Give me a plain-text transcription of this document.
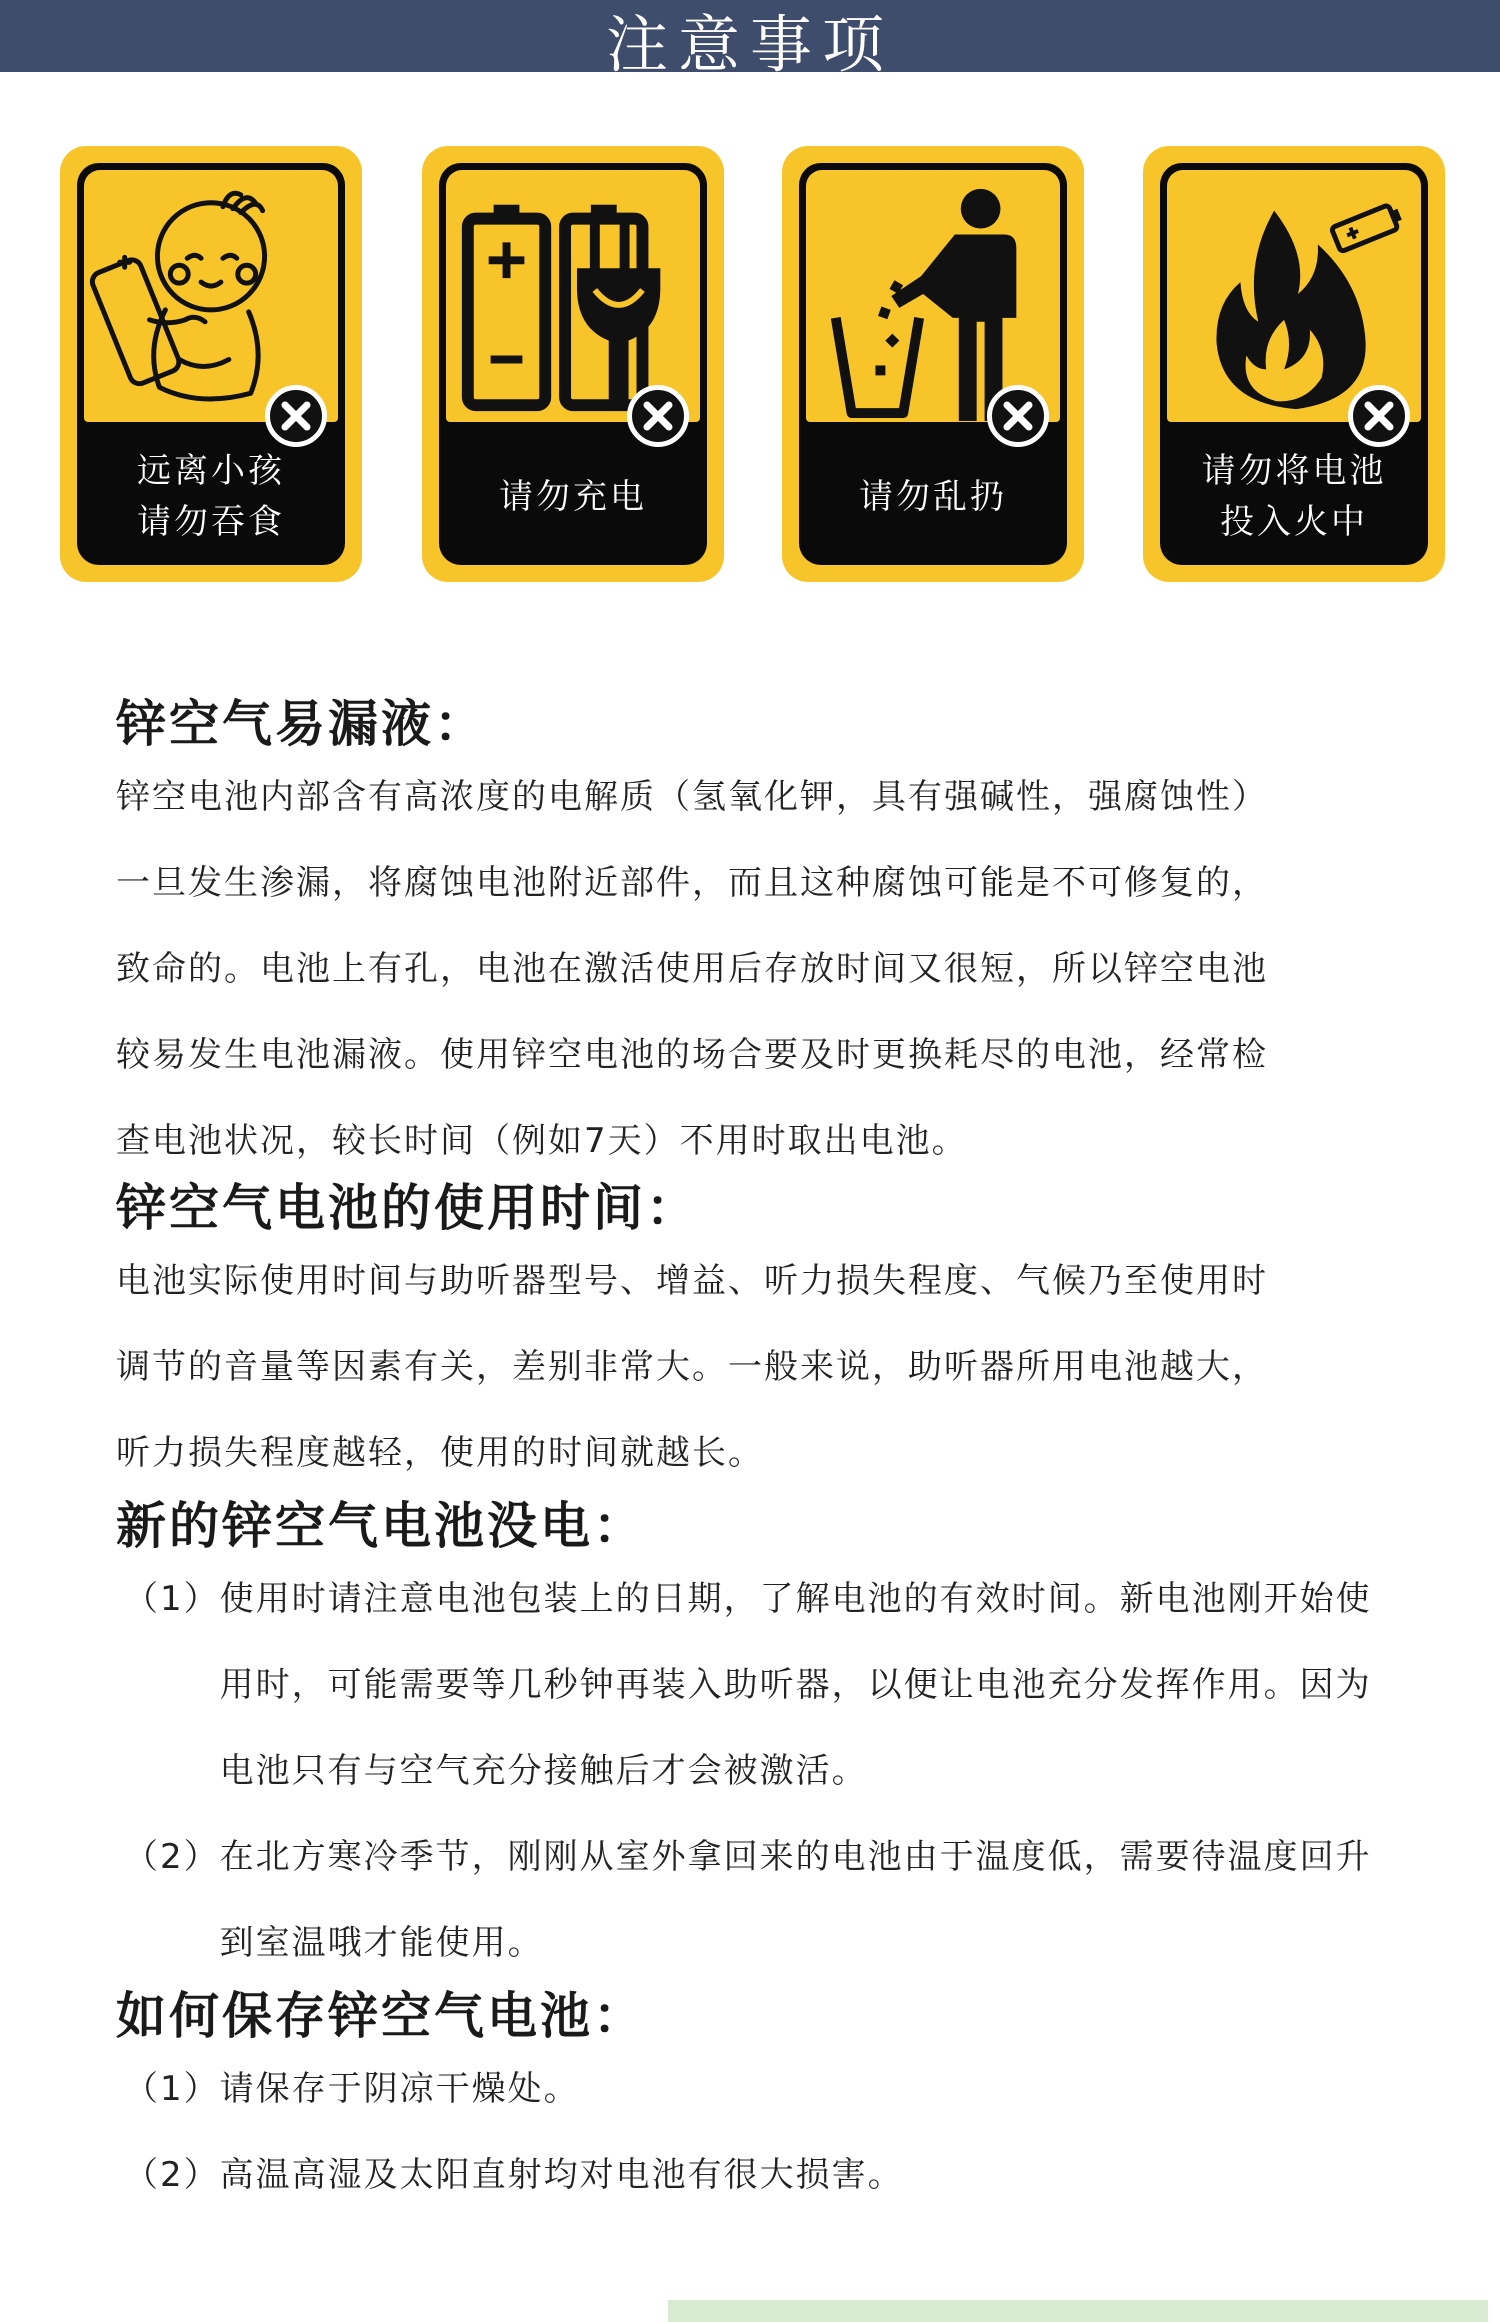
注意事项
远离小孩
请勿吞食
请勿充电	请勿乱扔
请勿将电池
投入火中
锌空气易漏液：

锌空电池内部含有高浓度的电解质（氢氧化钾，具有强碱性，强腐蚀性）

一旦发生渗漏，将腐蚀电池附近部件，而且这种腐蚀可能是不可修复的，

致命的。电池上有孔，电池在激活使用后存放时间又很短，所以锌空电池

较易发生电池漏液。使用锌空电池的场合要及时更换耗尽的电池，经常检

查电池状况，较长时间（例如7天）不用时取出电池。

锌空气电池的使用时间：

电池实际使用时间与助听器型号、增益、听力损失程度、气候乃至使用时

调节的音量等因素有关，差别非常大。一般来说，助听器所用电池越大，

听力损失程度越轻，使用的时间就越长。

新的锌空气电池没电：
（1） 使用时请注意电池包装上的日期，了解电池的有效时间。新电池刚开始使用时，可能需要等几秒钟再装入助听器，以便让电池充分发挥作用。因为电池只有与空气充分接触后才会被激活。
（2） 在北方寒冷季节，刚刚从室外拿回来的电池由于温度低，需要待温度回升到室温哦才能使用。
如何保存锌空气电池：
（1） 请保存于阴凉干燥处。
（2） 高温高湿及太阳直射均对电池有很大损害。
